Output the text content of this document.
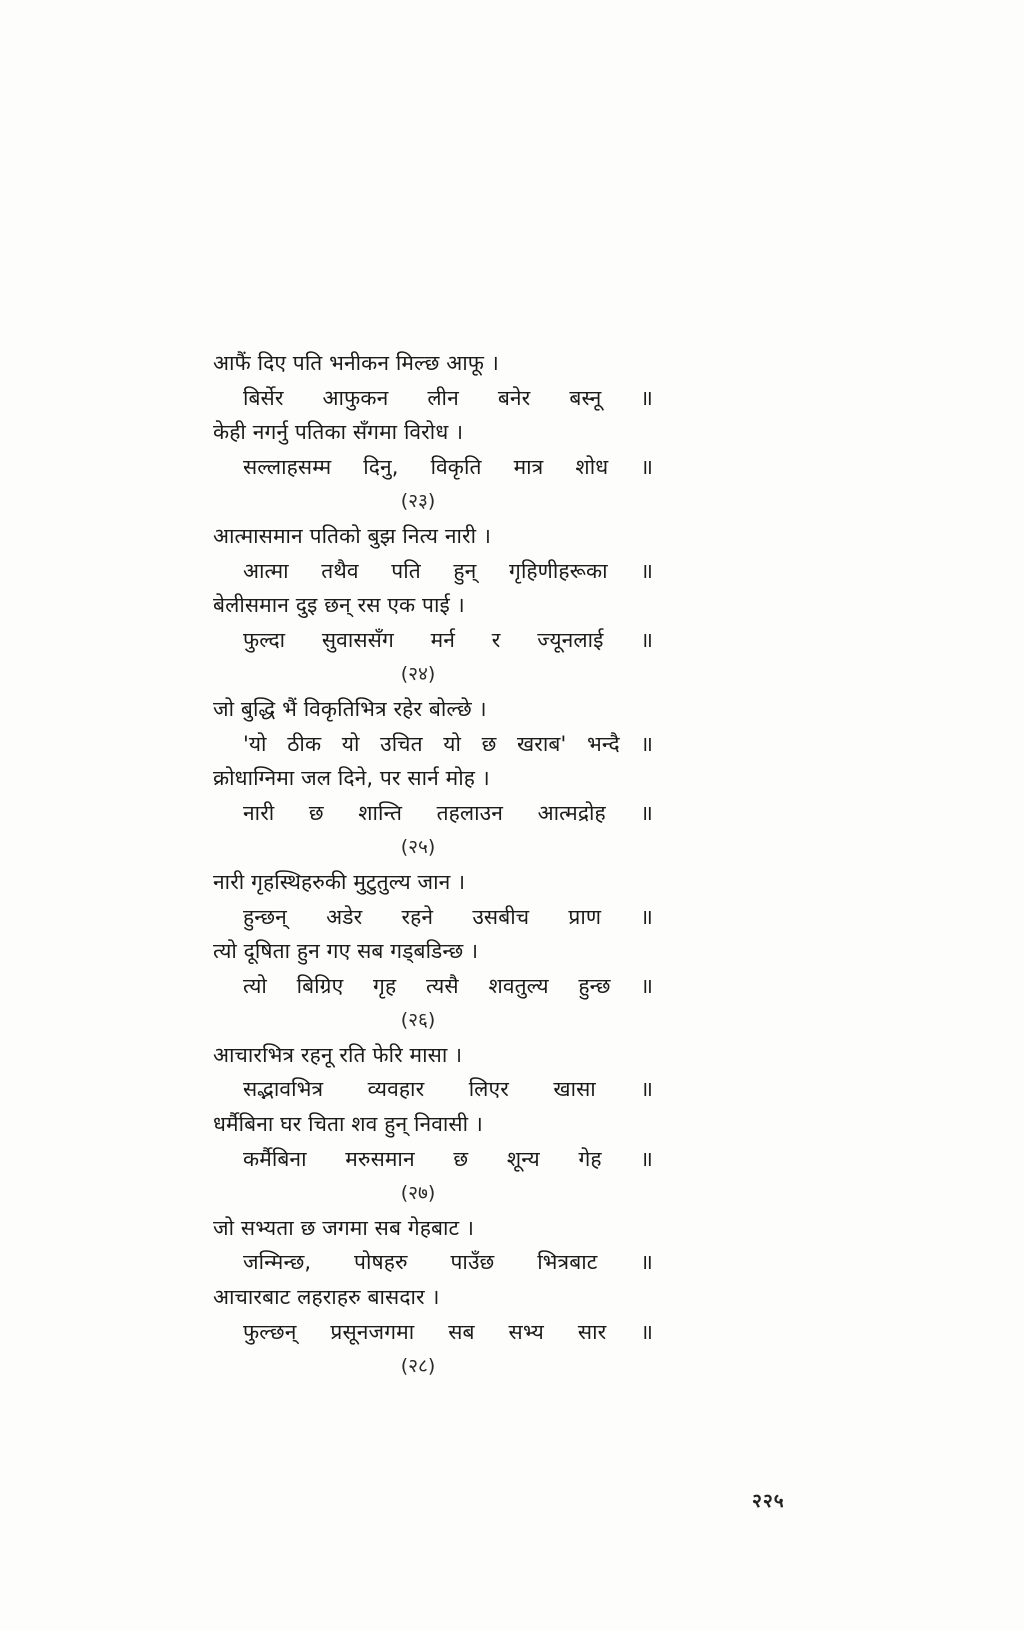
आफैं दिए पति भनीकन मिल्छ आफू ।
बिर्सेर आफुकन लीन बनेर बस्नू ॥
केही नगर्नु पतिका सँगमा विरोध ।
सल्लाहसम्म दिनु, विकृति मात्र शोध ॥
(२३)
आत्मासमान पतिको बुझ नित्य नारी ।
आत्मा तथैव पति हुन् गृहिणीहरूका ॥
बेलीसमान दुइ छन् रस एक पाई ।
फुल्दा सुवाससँग मर्न र ज्यूनलाई ॥
(२४)
जो बुद्धि भैं विकृतिभित्र रहेर बोल्छे ।
'यो ठीक यो उचित यो छ खराब' भन्दै ॥
क्रोधाग्निमा जल दिने, पर सार्न मोह ।
नारी छ शान्ति तहलाउन आत्मद्रोह ॥
(२५)
नारी गृहस्थिहरुकी मुटुतुल्य जान ।
हुन्छन् अडेर रहने उसबीच प्राण ॥
त्यो दूषिता हुन गए सब गड्बडिन्छ ।
त्यो बिग्रिए गृह त्यसै शवतुल्य हुन्छ ॥
(२६)
आचारभित्र रहनू रति फेरि मासा ।
सद्भावभित्र व्यवहार लिएर खासा ॥
धर्मैबिना घर चिता शव हुन् निवासी ।
कर्मैबिना मरुसमान छ शून्य गेह ॥
(२७)
जो सभ्यता छ जगमा सब गेहबाट ।
जन्मिन्छ, पोषहरु पाउँछ भित्रबाट ॥
आचारबाट लहराहरु बासदार ।
फुल्छन् प्रसूनजगमा सब सभ्य सार ॥
(२८)
२२५
